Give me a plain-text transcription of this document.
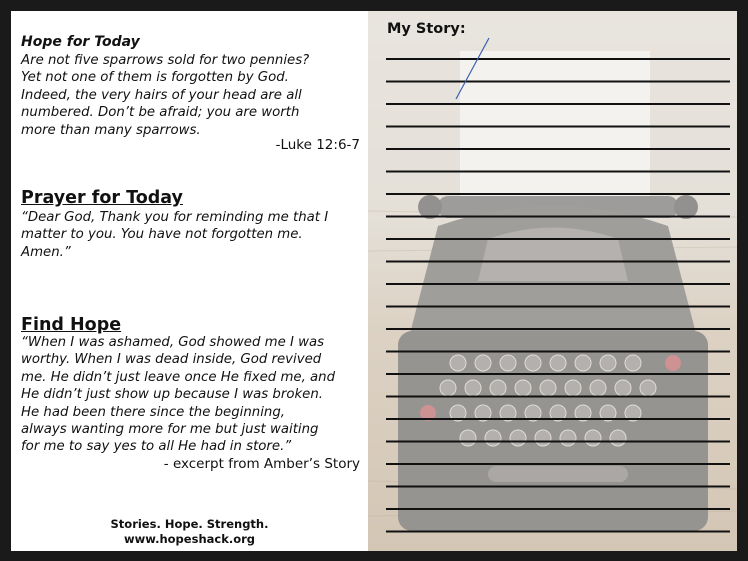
Hope for Today
Are not five sparrows sold for two pennies?
Yet not one of them is forgotten by God.
Indeed, the very hairs of your head are all
numbered. Don’t be afraid; you are worth
more than many sparrows.
-Luke 12:6-7
Prayer for Today
“Dear God, Thank you for reminding me that I
matter to you. You have not forgotten me.
Amen.”
Find Hope
“When I was ashamed, God showed me I was
worthy. When I was dead inside, God revived
me. He didn’t just leave once He fixed me, and
He didn’t just show up because I was broken.
He had been there since the beginning,
always wanting more for me but just waiting
for me to say yes to all He had in store.”
- excerpt from Amber’s Story
Stories. Hope. Strength.
www.hopeshack.org
My Story:
